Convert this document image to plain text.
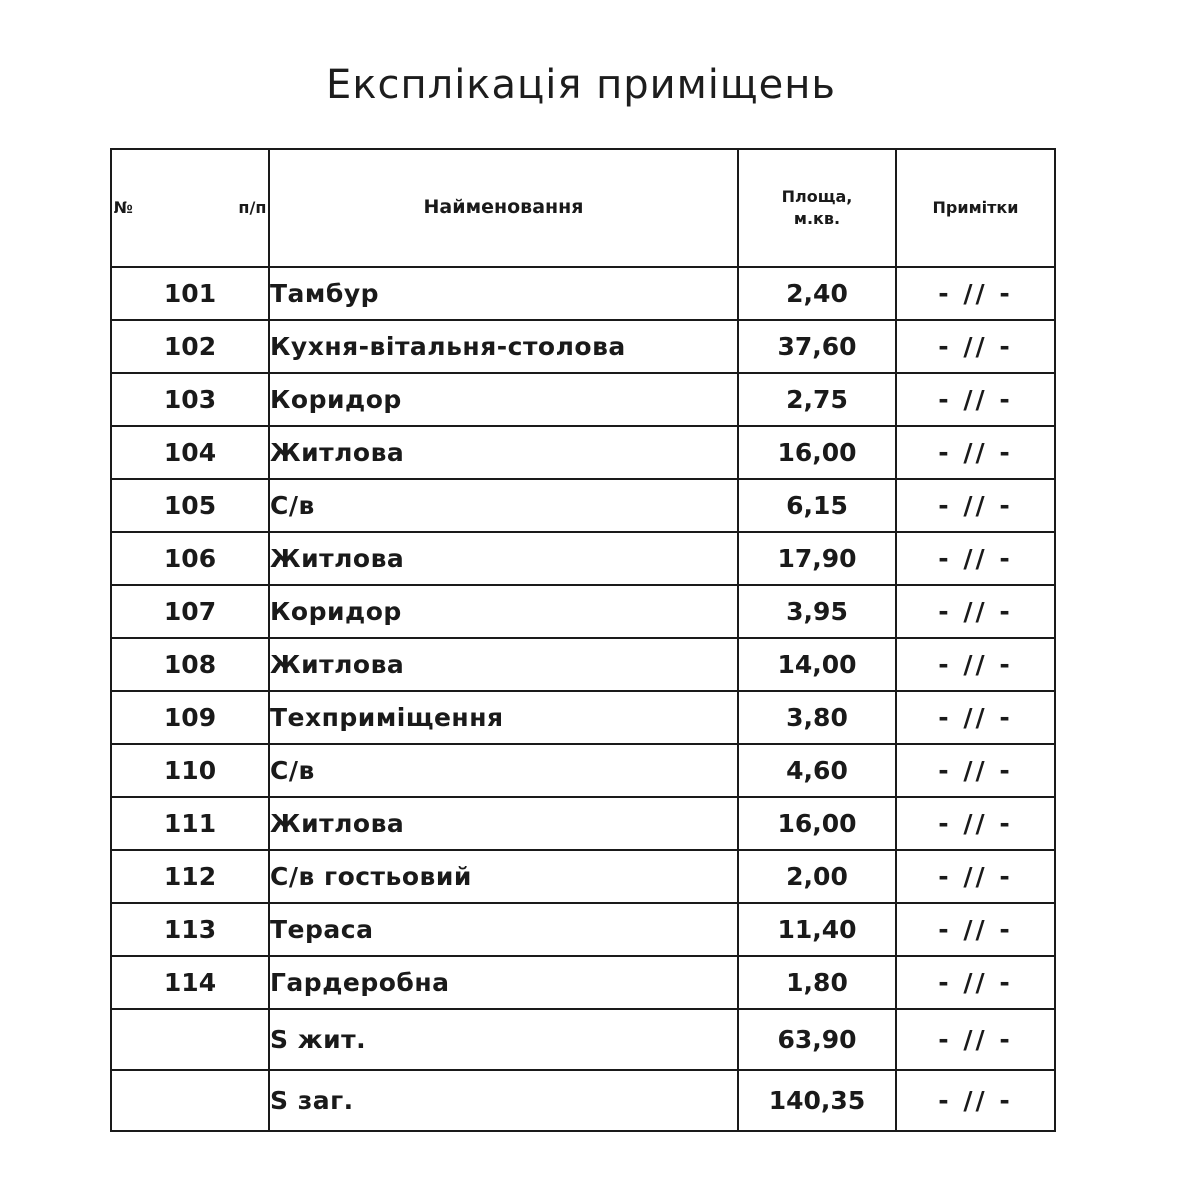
Експлікація приміщень
№ п/п	Найменовання	Площа, м.кв.	Примітки
101	Тамбур	2,40	- // -
102	Кухня-вітальня-столова	37,60	- // -
103	Коридор	2,75	- // -
104	Житлова	16,00	- // -
105	С/в	6,15	- // -
106	Житлова	17,90	- // -
107	Коридор	3,95	- // -
108	Житлова	14,00	- // -
109	Техприміщення	3,80	- // -
110	С/в	4,60	- // -
111	Житлова	16,00	- // -
112	С/в гостьовий	2,00	- // -
113	Тераса	11,40	- // -
114	Гардеробна	1,80	- // -
	S жит.	63,90	- // -
	S заг.	140,35	- // -
